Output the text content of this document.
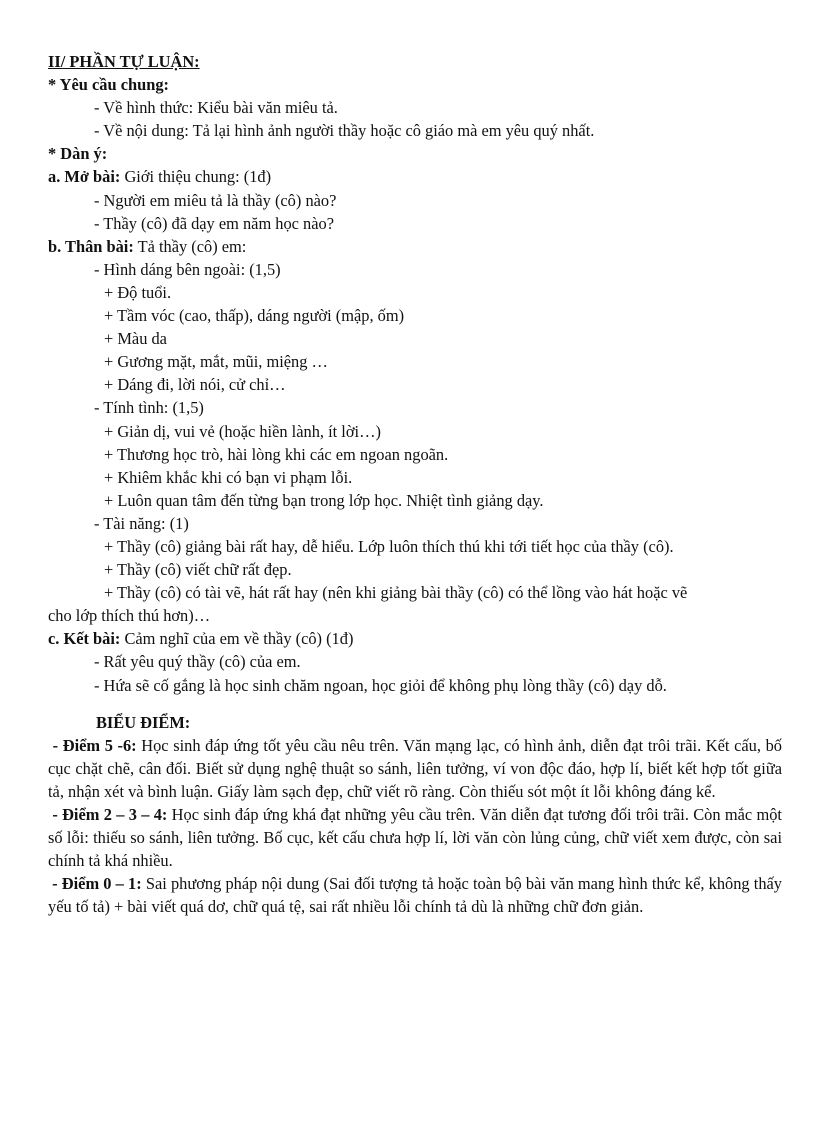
II/ PHẦN TỰ LUẬN:
* Yêu cầu chung:
- Về hình thức: Kiểu bài văn miêu tả.
- Về nội dung: Tả lại hình ảnh người thầy hoặc cô giáo mà em yêu quý nhất.
* Dàn ý:
a. Mở bài: Giới thiệu chung: (1đ)
- Người em miêu tả là thầy (cô) nào?
- Thầy (cô) đã dạy em năm học nào?
b. Thân bài: Tả thầy (cô) em:
- Hình dáng bên ngoài: (1,5)
+ Độ tuổi.
+ Tầm vóc (cao, thấp), dáng người (mập, ốm)
+ Màu da
+ Gương mặt, mắt, mũi, miệng …
+ Dáng đi, lời nói, cử chỉ…
- Tính tình: (1,5)
+ Giản dị, vui vẻ (hoặc hiền lành, ít lời…)
+ Thương học trò, hài lòng khi các em ngoan ngoãn.
+ Khiêm khắc khi có bạn vi phạm lỗi.
+ Luôn quan tâm đến từng bạn trong lớp học. Nhiệt tình giảng dạy.
- Tài năng: (1)
+ Thầy (cô) giảng bài rất hay, dễ hiểu. Lớp luôn thích thú khi tới tiết học của thầy (cô).
+ Thầy (cô) viết chữ rất đẹp.
+ Thầy (cô) có tài vẽ, hát rất hay (nên khi giảng bài thầy (cô) có thể lồng vào hát hoặc vẽ
cho lớp thích thú hơn)…
c. Kết bài: Cảm nghĩ của em về thầy (cô) (1đ)
- Rất yêu quý thầy (cô) của em.
- Hứa sẽ cố gắng là học sinh chăm ngoan, học giỏi để không phụ lòng thầy (cô) dạy dỗ.
BIỂU ĐIỂM:
- Điểm 5 -6: Học sinh đáp ứng tốt yêu cầu nêu trên. Văn mạng lạc, có hình ảnh, diễn đạt trôi trãi. Kết cấu, bố cục chặt chẽ, cân đối. Biết sử dụng nghệ thuật so sánh, liên tưởng, ví von độc đáo, hợp lí, biết kết hợp tốt giữa tả, nhận xét và bình luận. Giấy làm sạch đẹp, chữ viết rõ ràng. Còn thiếu sót một ít lỗi không đáng kể.
- Điểm 2 – 3 – 4: Học sinh đáp ứng khá đạt những yêu cầu trên. Văn diễn đạt tương đối trôi trãi. Còn mắc một số lỗi: thiếu so sánh, liên tưởng. Bố cục, kết cấu chưa hợp lí, lời văn còn lủng củng, chữ viết xem được, còn sai chính tả khá nhiều.
- Điểm 0 – 1: Sai phương pháp nội dung (Sai đối tượng tả hoặc toàn bộ bài văn mang hình thức kể, không thấy yếu tố tả) + bài viết quá dơ, chữ quá tệ, sai rất nhiều lỗi chính tả dù là những chữ đơn giản.
